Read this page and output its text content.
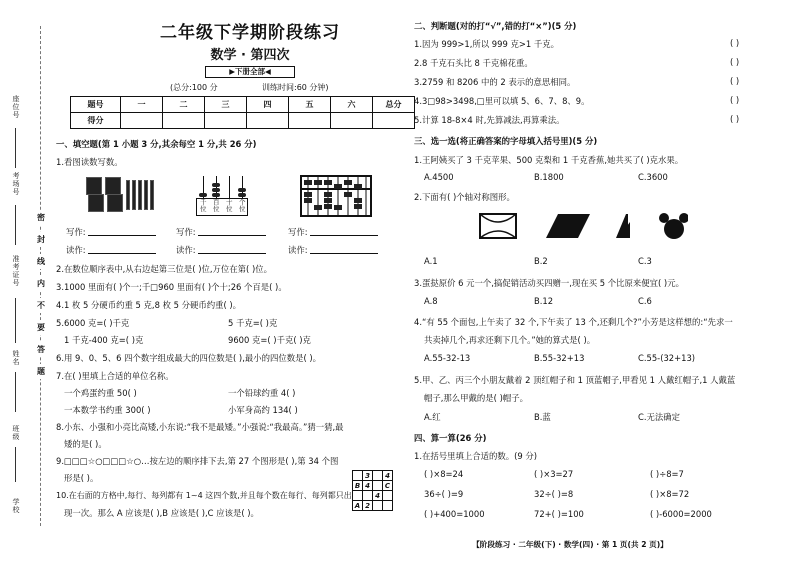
座位号
考场号
准考证号
姓名
班级
学校
密
封
线
内
不
要
答
题
二年级下学期阶段练习
数学 · 第四次
▶下册全部◀
(总分:100 分	训练时间:60 分钟)
题号	一	二	三	四	五	六	总分
得分							
一、填空题(第 1 小题 3 分,其余每空 1 分,共 26 分)
1.看图读数写数。
千
位
百
位
十
位
个
位
写作:	写作:	写作:
读作:	读作:	读作:
2.在数位顺序表中,从右边起第三位是( )位,万位在第( )位。
3.1000 里面有( )个一;千□960 里面有( )个十;26 个百是( )。
4.1 枚 5 分硬币约重 5 克,8 枚 5 分硬币约重( )。
5.6000 克=( )千克	5 千克=( )克
1 千克-400 克=( )克	9600 克=( )千克( )克
6.用 9、0、5、6 四个数字组成最大的四位数是( ),最小的四位数是( )。
7.在( )里填上合适的单位名称。
一个鸡蛋约重 50( )	一个铅球约重 4( )
一本数学书约重 300( )	小军身高约 134( )
8.小东、小强和小亮比高矮,小东说:“我不是最矮。”小强说:“我最高。”猜一猜,最
矮的是( )。
9.□□□☆○□□□☆○…按左边的顺序排下去,第 27 个图形是( ),第 34 个图
形是( )。
10.在右面的方格中,每行、每列都有 1~4 这四个数,并且每个数在每行、每列都只出
现一次。那么 A 应该是( ),B 应该是( ),C 应该是( )。
	3		4
B	4		C
		4	
A	2		
二、判断题(对的打“√”,错的打“×”)(5 分)
1.因为 999>1,所以 999 克>1 千克。	( )
2.8 千克石头比 8 千克棉花重。	( )
3.2759 和 8206 中的 2 表示的意思相同。	( )
4.3□98>3498,□里可以填 5、6、7、8、9。	( )
5.计算 18-8×4 时,先算减法,再算乘法。	( )
三、选一选(将正确答案的字母填入括号里)(5 分)
1.王阿姨买了 3 千克苹果、500 克梨和 1 千克香蕉,她共买了( )克水果。
A.4500	B.1800	C.3600
2.下面有( )个轴对称图形。
A.1	B.2	C.3
3.蛋挞原价 6 元一个,搞促销活动买四赠一,现在买 5 个比原来便宜( )元。
A.8	B.12	C.6
4.“有 55 个面包,上午卖了 32 个,下午卖了 13 个,还剩几个?”小芳是这样想的:“先求一
共卖掉几个,再求还剩下几个。”她的算式是( )。
A.55-32-13	B.55-32+13	C.55-(32+13)
5.甲、乙、丙三个小朋友戴着 2 顶红帽子和 1 顶蓝帽子,甲看见 1 人戴红帽子,1 人戴蓝
帽子,那么甲戴的是( )帽子。
A.红	B.蓝	C.无法确定
四、算一算(26 分)
1.在括号里填上合适的数。(9 分)
( )×8=24	( )×3=27	( )÷8=7
36÷( )=9	32÷( )=8	( )×8=72
( )+400=1000	72+( )=100	( )-6000=2000
【阶段练习 · 二年级(下) · 数学(四) · 第 1 页(共 2 页)】
